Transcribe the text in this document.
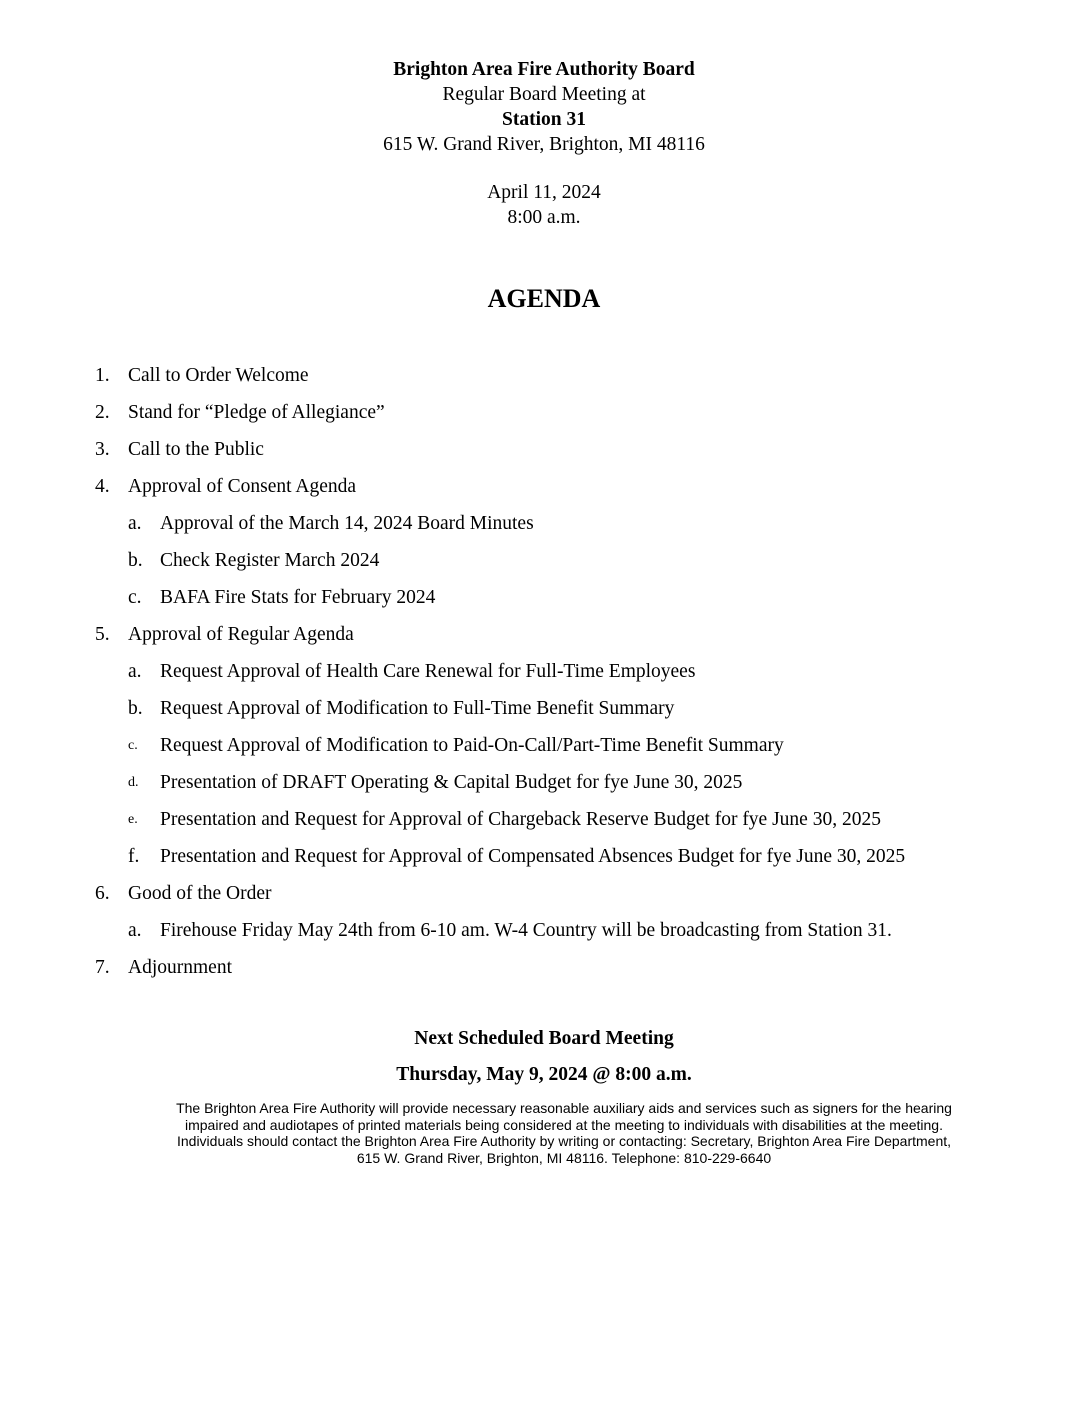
Brighton Area Fire Authority Board
Regular Board Meeting at
Station 31
615 W. Grand River, Brighton, MI 48116
April 11, 2024
8:00 a.m.
AGENDA
1. Call to Order Welcome
2. Stand for “Pledge of Allegiance”
3. Call to the Public
4. Approval of Consent Agenda
a. Approval of the March 14, 2024 Board Minutes
b. Check Register March 2024
c. BAFA Fire Stats for February 2024
5. Approval of Regular Agenda
a. Request Approval of Health Care Renewal for Full-Time Employees
b. Request Approval of Modification to Full-Time Benefit Summary
c.	Request Approval of Modification to Paid-On-Call/Part-Time Benefit Summary
d.	Presentation of DRAFT Operating & Capital Budget for fye June 30, 2025
e.	Presentation and Request for Approval of Chargeback Reserve Budget for fye June 30, 2025
f.	Presentation and Request for Approval of Compensated Absences Budget for fye June 30, 2025
6. Good of the Order
a. Firehouse Friday May 24th from 6-10 am. W-4 Country will be broadcasting from Station 31.
7. Adjournment
Next Scheduled Board Meeting
Thursday, May 9, 2024 @ 8:00 a.m.
The Brighton Area Fire Authority will provide necessary reasonable auxiliary aids and services such as signers for the hearing
impaired and audiotapes of printed materials being considered at the meeting to individuals with disabilities at the meeting.
Individuals should contact the Brighton Area Fire Authority by writing or contacting: Secretary, Brighton Area Fire Department,
615 W. Grand River, Brighton, MI 48116. Telephone: 810-229-6640
